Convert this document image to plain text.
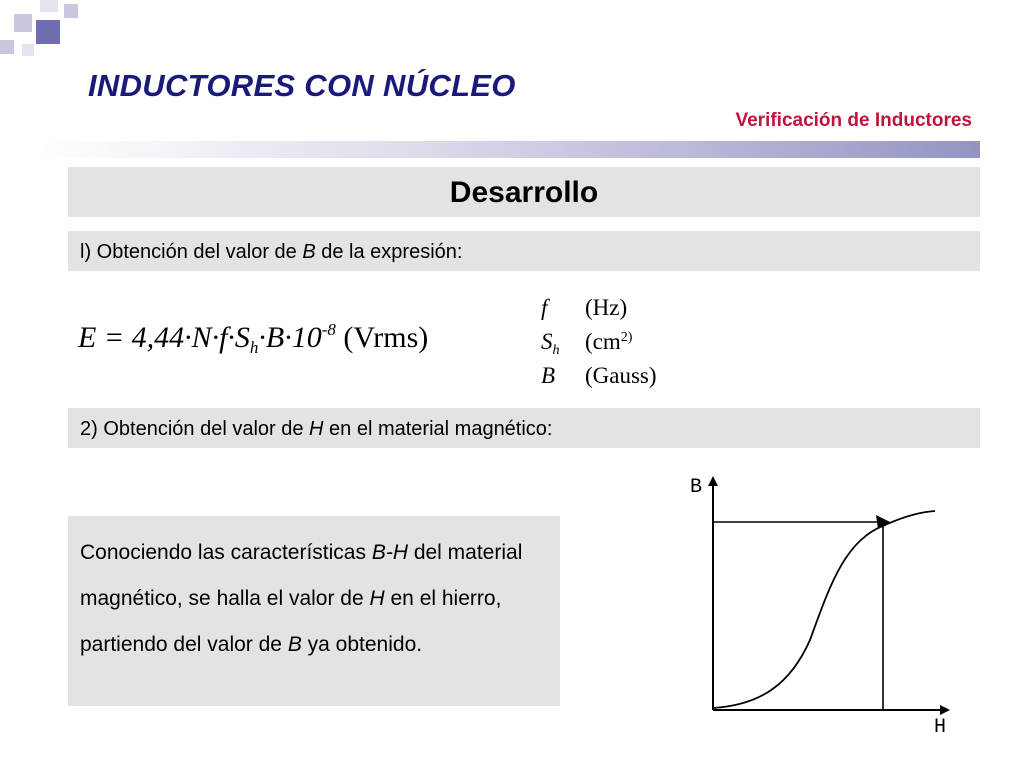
INDUCTORES CON NÚCLEO
Verificación de Inductores
Desarrollo
l) Obtención del valor de B de la expresión:
$E = 4,44\cdot N\cdot f\cdot S_h\cdot B\cdot 10^{-8}$ (Vrms)
f (Hz)
$S_h$ ($cm^{2)}$
B (Gauss)
2) Obtención del valor de H en el material magnético:
Conociendo las características B-H del material magnético, se halla el valor de H en el hierro, partiendo del valor de B ya obtenido.
B
H
